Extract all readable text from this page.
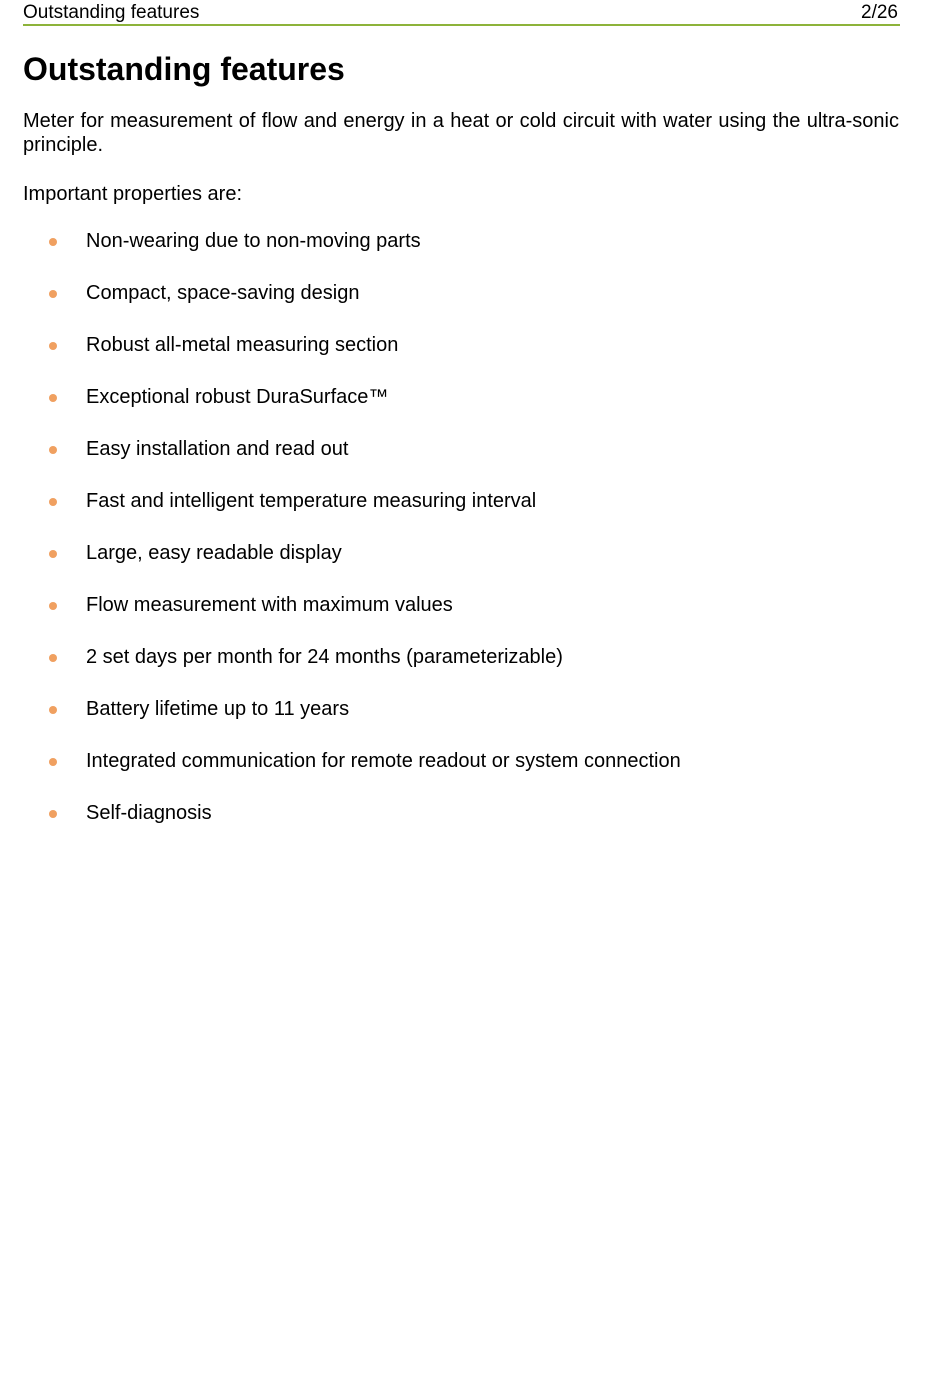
Outstanding features	2/26
Outstanding features

Meter for measurement of flow and energy in a heat or cold circuit with water using the ultra-sonic principle.

Important properties are:

Non-wearing due to non-moving parts
Compact, space-saving design
Robust all-metal measuring section
Exceptional robust DuraSurface™
Easy installation and read out
Fast and intelligent temperature measuring interval
Large, easy readable display
Flow measurement with maximum values
2 set days per month for 24 months (parameterizable)
Battery lifetime up to 11 years
Integrated communication for remote readout or system connection
Self-diagnosis
